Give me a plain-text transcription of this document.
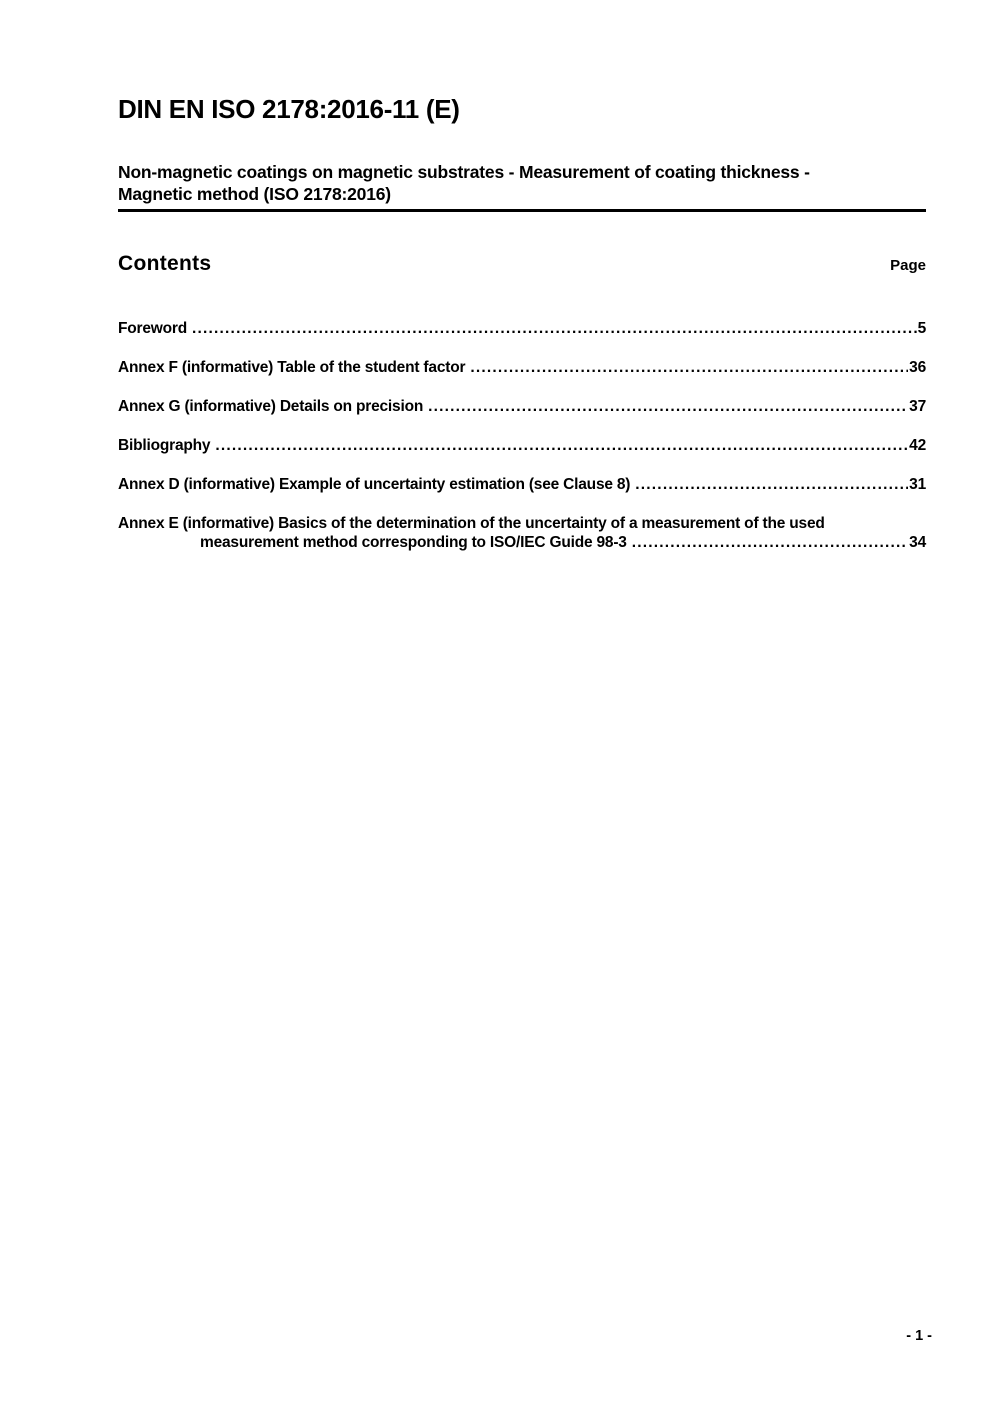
DIN EN ISO 2178:2016-11 (E)
Non-magnetic coatings on magnetic substrates - Measurement of coating thickness -
Magnetic method (ISO 2178:2016)
Contents	Page
Foreword .....	5
Annex F (informative) Table of the student factor .....	36
Annex G (informative) Details on precision .....	37
Bibliography .....	42
Annex D (informative) Example of uncertainty estimation (see Clause 8) .....	31
Annex E (informative) Basics of the determination of the uncertainty of a measurement of the used
measurement method corresponding to ISO/IEC Guide 98-3 .....	34
- 1 -
